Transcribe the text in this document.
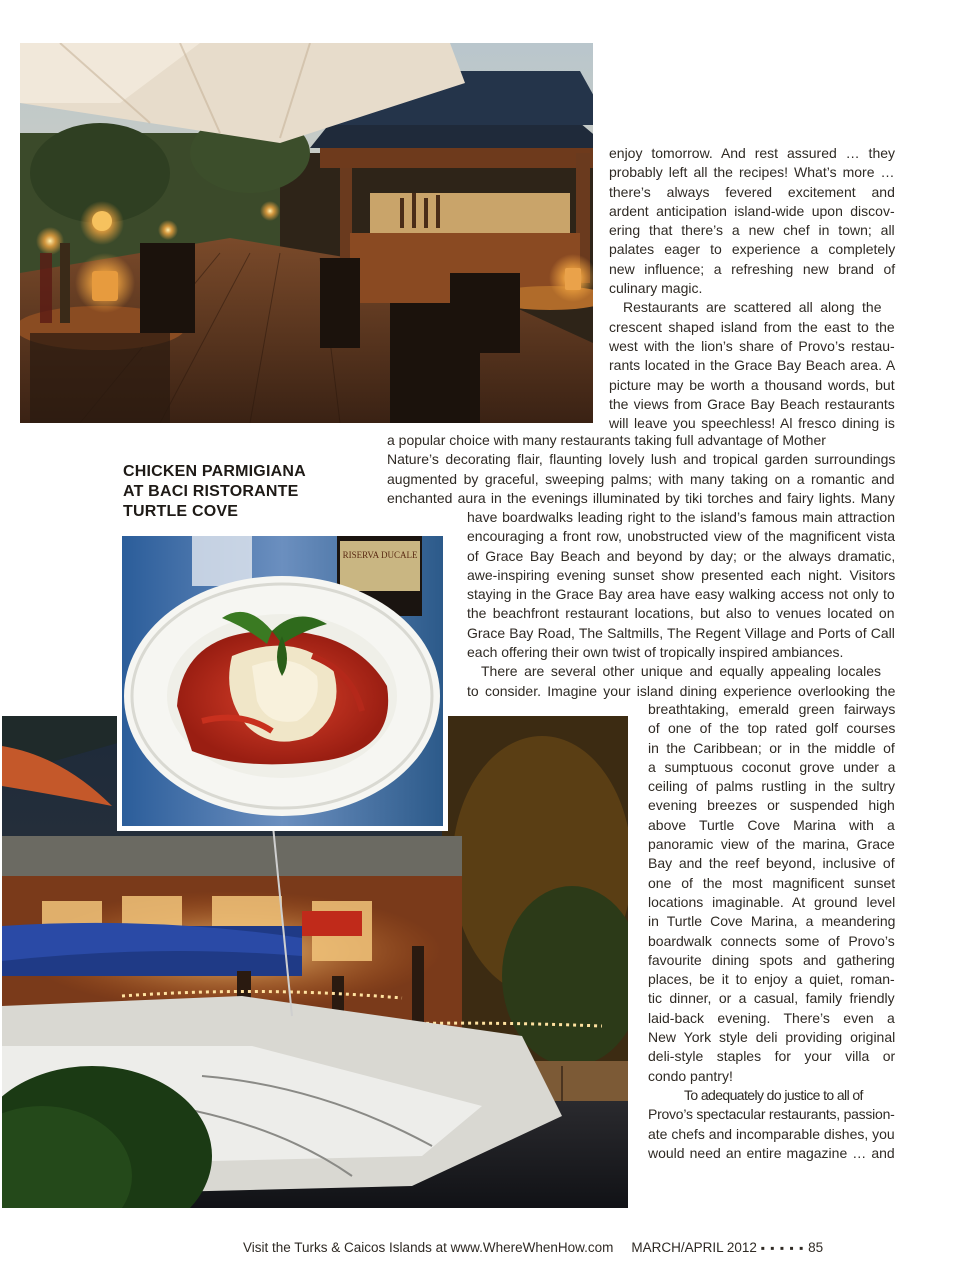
CHICKEN PARMIGIANA
AT BACI RISTORANTE
TURTLE COVE
RISERVA DUCALE
enjoy tomorrow. And rest assured … they
probably left all the recipes! What’s more …
there’s always fevered excitement and
ardent anticipation island-wide upon discov-
ering that there’s a new chef in town; all
palates eager to experience a completely
new influence; a refreshing new brand of
culinary magic.
Restaurants are scattered all along the
crescent shaped island from the east to the
west with the lion’s share of Provo’s restau-
rants located in the Grace Bay Beach area. A
picture may be worth a thousand words, but
the views from Grace Bay Beach restaurants
will leave you speechless! Al fresco dining is
a popular choice with many restaurants taking full advantage of Mother
Nature’s decorating flair, flaunting lovely lush and tropical garden surroundings
augmented by graceful, sweeping palms; with many taking on a romantic and
enchanted aura in the evenings illuminated by tiki torches and fairy lights. Many
have boardwalks leading right to the island’s famous main attraction
encouraging a front row, unobstructed view of the magnificent vista
of Grace Bay Beach and beyond by day; or the always dramatic,
awe-inspiring evening sunset show presented each night. Visitors
staying in the Grace Bay area have easy walking access not only to
the beachfront restaurant locations, but also to venues located on
Grace Bay Road, The Saltmills, The Regent Village and Ports of Call
each offering their own twist of tropically inspired ambiances.
There are several other unique and equally appealing locales
to consider. Imagine your island dining experience overlooking the
breathtaking, emerald green fairways
of one of the top rated golf courses
in the Caribbean; or in the middle of
a sumptuous coconut grove under a
ceiling of palms rustling in the sultry
evening breezes or suspended high
above Turtle Cove Marina with a
panoramic view of the marina, Grace
Bay and the reef beyond, inclusive of
one of the most magnificent sunset
locations imaginable. At ground level
in Turtle Cove Marina, a meandering
boardwalk connects some of Provo’s
favourite dining spots and gathering
places, be it to enjoy a quiet, roman-
tic dinner, or a casual, family friendly
laid-back evening. There’s even a
New York style deli providing original
deli-style staples for your villa or
condo pantry!
To adequately do justice to all of
Provo’s spectacular restaurants, passion-
ate chefs and incomparable dishes, you
would need an entire magazine … and
Visit the Turks & Caicos Islands at www.WhereWhenHow.com MARCH/APRIL 2012 ▪ ▪ ▪ ▪ ▪ 85
